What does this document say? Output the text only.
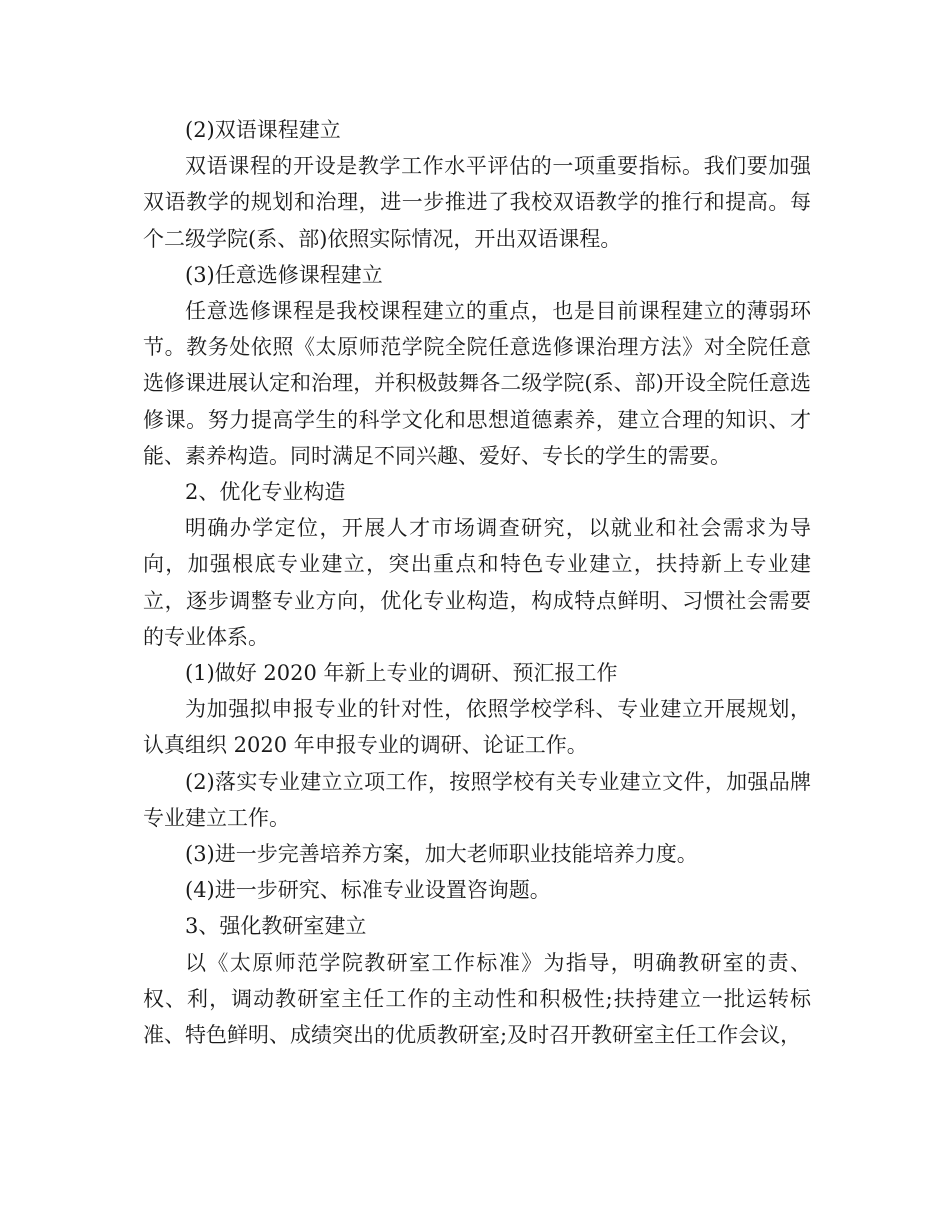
(2)双语课程建立

双语课程的开设是教学工作水平评估的一项重要指标。我们要加强双语教学的规划和治理，进一步推进了我校双语教学的推行和提高。每个二级学院(系、部)依照实际情况，开出双语课程。

(3)任意选修课程建立

任意选修课程是我校课程建立的重点，也是目前课程建立的薄弱环节。教务处依照《太原师范学院全院任意选修课治理方法》对全院任意选修课进展认定和治理，并积极鼓舞各二级学院(系、部)开设全院任意选修课。努力提高学生的科学文化和思想道德素养，建立合理的知识、才能、素养构造。同时满足不同兴趣、爱好、专长的学生的需要。

2、优化专业构造

明确办学定位，开展人才市场调查研究，以就业和社会需求为导向，加强根底专业建立，突出重点和特色专业建立，扶持新上专业建立，逐步调整专业方向，优化专业构造，构成特点鲜明、习惯社会需要的专业体系。

(1)做好 2020 年新上专业的调研、预汇报工作

为加强拟申报专业的针对性，依照学校学科、专业建立开展规划，认真组织 2020 年申报专业的调研、论证工作。

(2)落实专业建立立项工作，按照学校有关专业建立文件，加强品牌专业建立工作。

(3)进一步完善培养方案，加大老师职业技能培养力度。

(4)进一步研究、标准专业设置咨询题。

3、强化教研室建立

以《太原师范学院教研室工作标准》为指导，明确教研室的责、权、利，调动教研室主任工作的主动性和积极性;扶持建立一批运转标准、特色鲜明、成绩突出的优质教研室;及时召开教研室主任工作会议，
